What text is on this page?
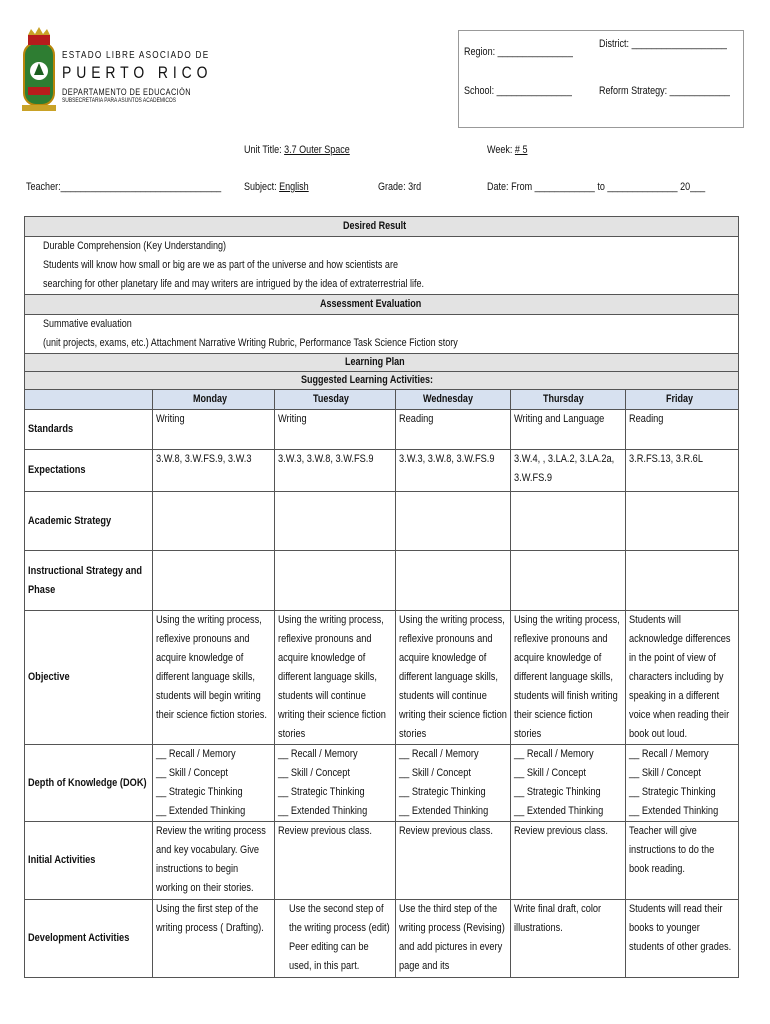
ESTADO LIBRE ASOCIADO DE
PUERTO RICO
DEPARTAMENTO DE EDUCACIÓN
SUBSECRETARÍA PARA ASUNTOS ACADÉMICOS
Region: _______________
District: ___________________
School: _______________ Reform Strategy: ____________
Unit Title: 3.7 Outer Space	Week: # 5
Teacher:________________________________ Subject: English	Grade: 3rd	Date: From ____________ to ______________ 20___
Desired Result					

Durable Comprehension (Key Understanding)
Students will know how small or big are we as part of the universe and how scientists are
searching for other planetary life and may writers are intrigued by the idea of extraterrestrial life.					

Assessment Evaluation					

Summative evaluation
(unit projects, exams, etc.) Attachment Narrative Writing Rubric, Performance Task Science Fiction story					

Learning Plan					
Suggested Learning Activities:					
	Monday	Tuesday	Wednesday	Thursday	Friday

Standards	Writing	Writing	Reading	Writing and Language	Reading

Expectations	3.W.8, 3.W.FS.9, 3.W.3	3.W.3, 3.W.8, 3.W.FS.9	3.W.3, 3.W.8, 3.W.FS.9	3.W.4, , 3.LA.2, 3.LA.2a, 3.W.FS.9	3.R.FS.13, 3.R.6L

Academic Strategy					

Instructional Strategy and Phase					

Objective	Using the writing process, reflexive pronouns and acquire knowledge of different language skills, students will begin writing their science fiction stories.	Using the writing process, reflexive pronouns and acquire knowledge of different language skills, students will continue writing their science fiction stories	Using the writing process, reflexive pronouns and acquire knowledge of different language skills, students will continue writing their science fiction stories	Using the writing process, reflexive pronouns and acquire knowledge of different language skills, students will finish writing their science fiction stories	Students will acknowledge differences in the point of view of characters including by speaking in a different voice when reading their book out loud.

Depth of Knowledge (DOK)	__ Recall / Memory
__ Skill / Concept
__ Strategic Thinking
__ Extended Thinking	__ Recall / Memory
__ Skill / Concept
__ Strategic Thinking
__ Extended Thinking	__ Recall / Memory
__ Skill / Concept
__ Strategic Thinking
__ Extended Thinking	__ Recall / Memory
__ Skill / Concept
__ Strategic Thinking
__ Extended Thinking	__ Recall / Memory
__ Skill / Concept
__ Strategic Thinking
__ Extended Thinking

Initial Activities	Review the writing process and key vocabulary. Give instructions to begin working on their stories.	Review previous class.	Review previous class.	Review previous class.	Teacher will give instructions to do the book reading.

Development Activities	Using the first step of the writing process ( Drafting).	Use the second step of the writing process (edit) Peer editing can be used, in this part.	Use the third step of the writing process (Revising) and add pictures in every page and its	Write final draft, color illustrations.	Students will read their books to younger students of other grades.
